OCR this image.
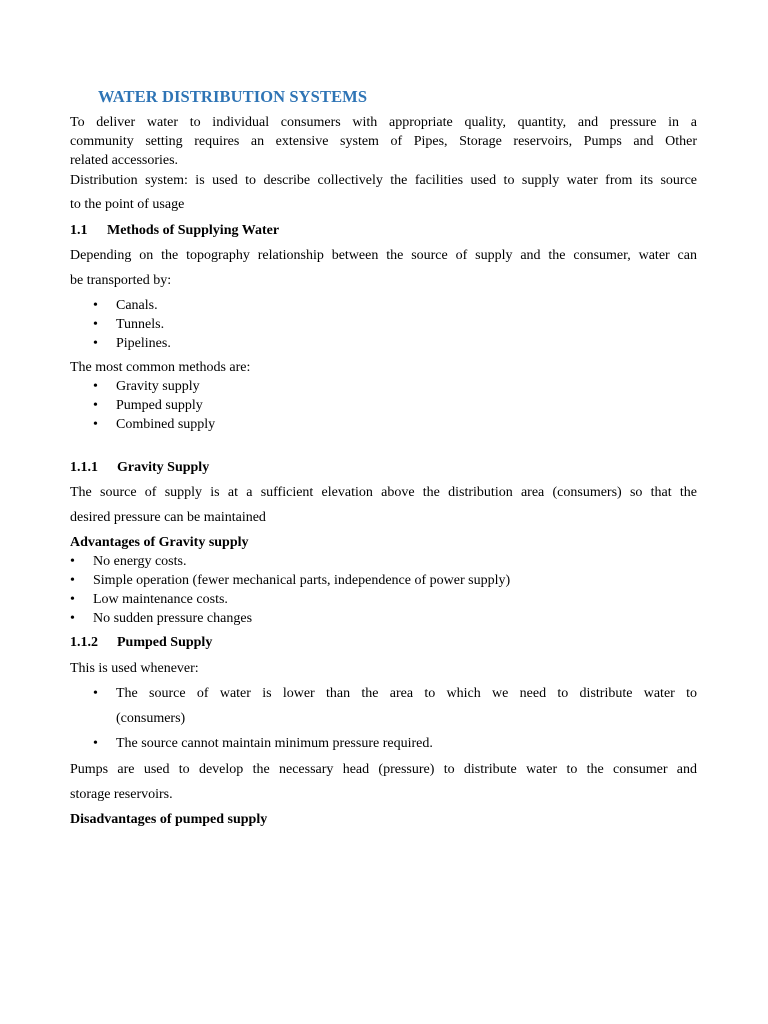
WATER DISTRIBUTION SYSTEMS
To deliver water to individual consumers with appropriate quality, quantity, and pressure in a
community setting requires an extensive system of Pipes, Storage reservoirs, Pumps and Other
related accessories.
Distribution system: is used to describe collectively the facilities used to supply water from its source
to the point of usage
1.1 Methods of Supplying Water
Depending on the topography relationship between the source of supply and the consumer, water can
be transported by:
• Canals.
• Tunnels.
• Pipelines.
The most common methods are:
• Gravity supply
• Pumped supply
• Combined supply
1.1.1 Gravity Supply
The source of supply is at a sufficient elevation above the distribution area (consumers) so that the
desired pressure can be maintained
Advantages of Gravity supply
• No energy costs.
• Simple operation (fewer mechanical parts, independence of power supply)
• Low maintenance costs.
• No sudden pressure changes
1.1.2 Pumped Supply
This is used whenever:
• The source of water is lower than the area to which we need to distribute water to
(consumers)
• The source cannot maintain minimum pressure required.
Pumps are used to develop the necessary head (pressure) to distribute water to the consumer and
storage reservoirs.
Disadvantages of pumped supply
